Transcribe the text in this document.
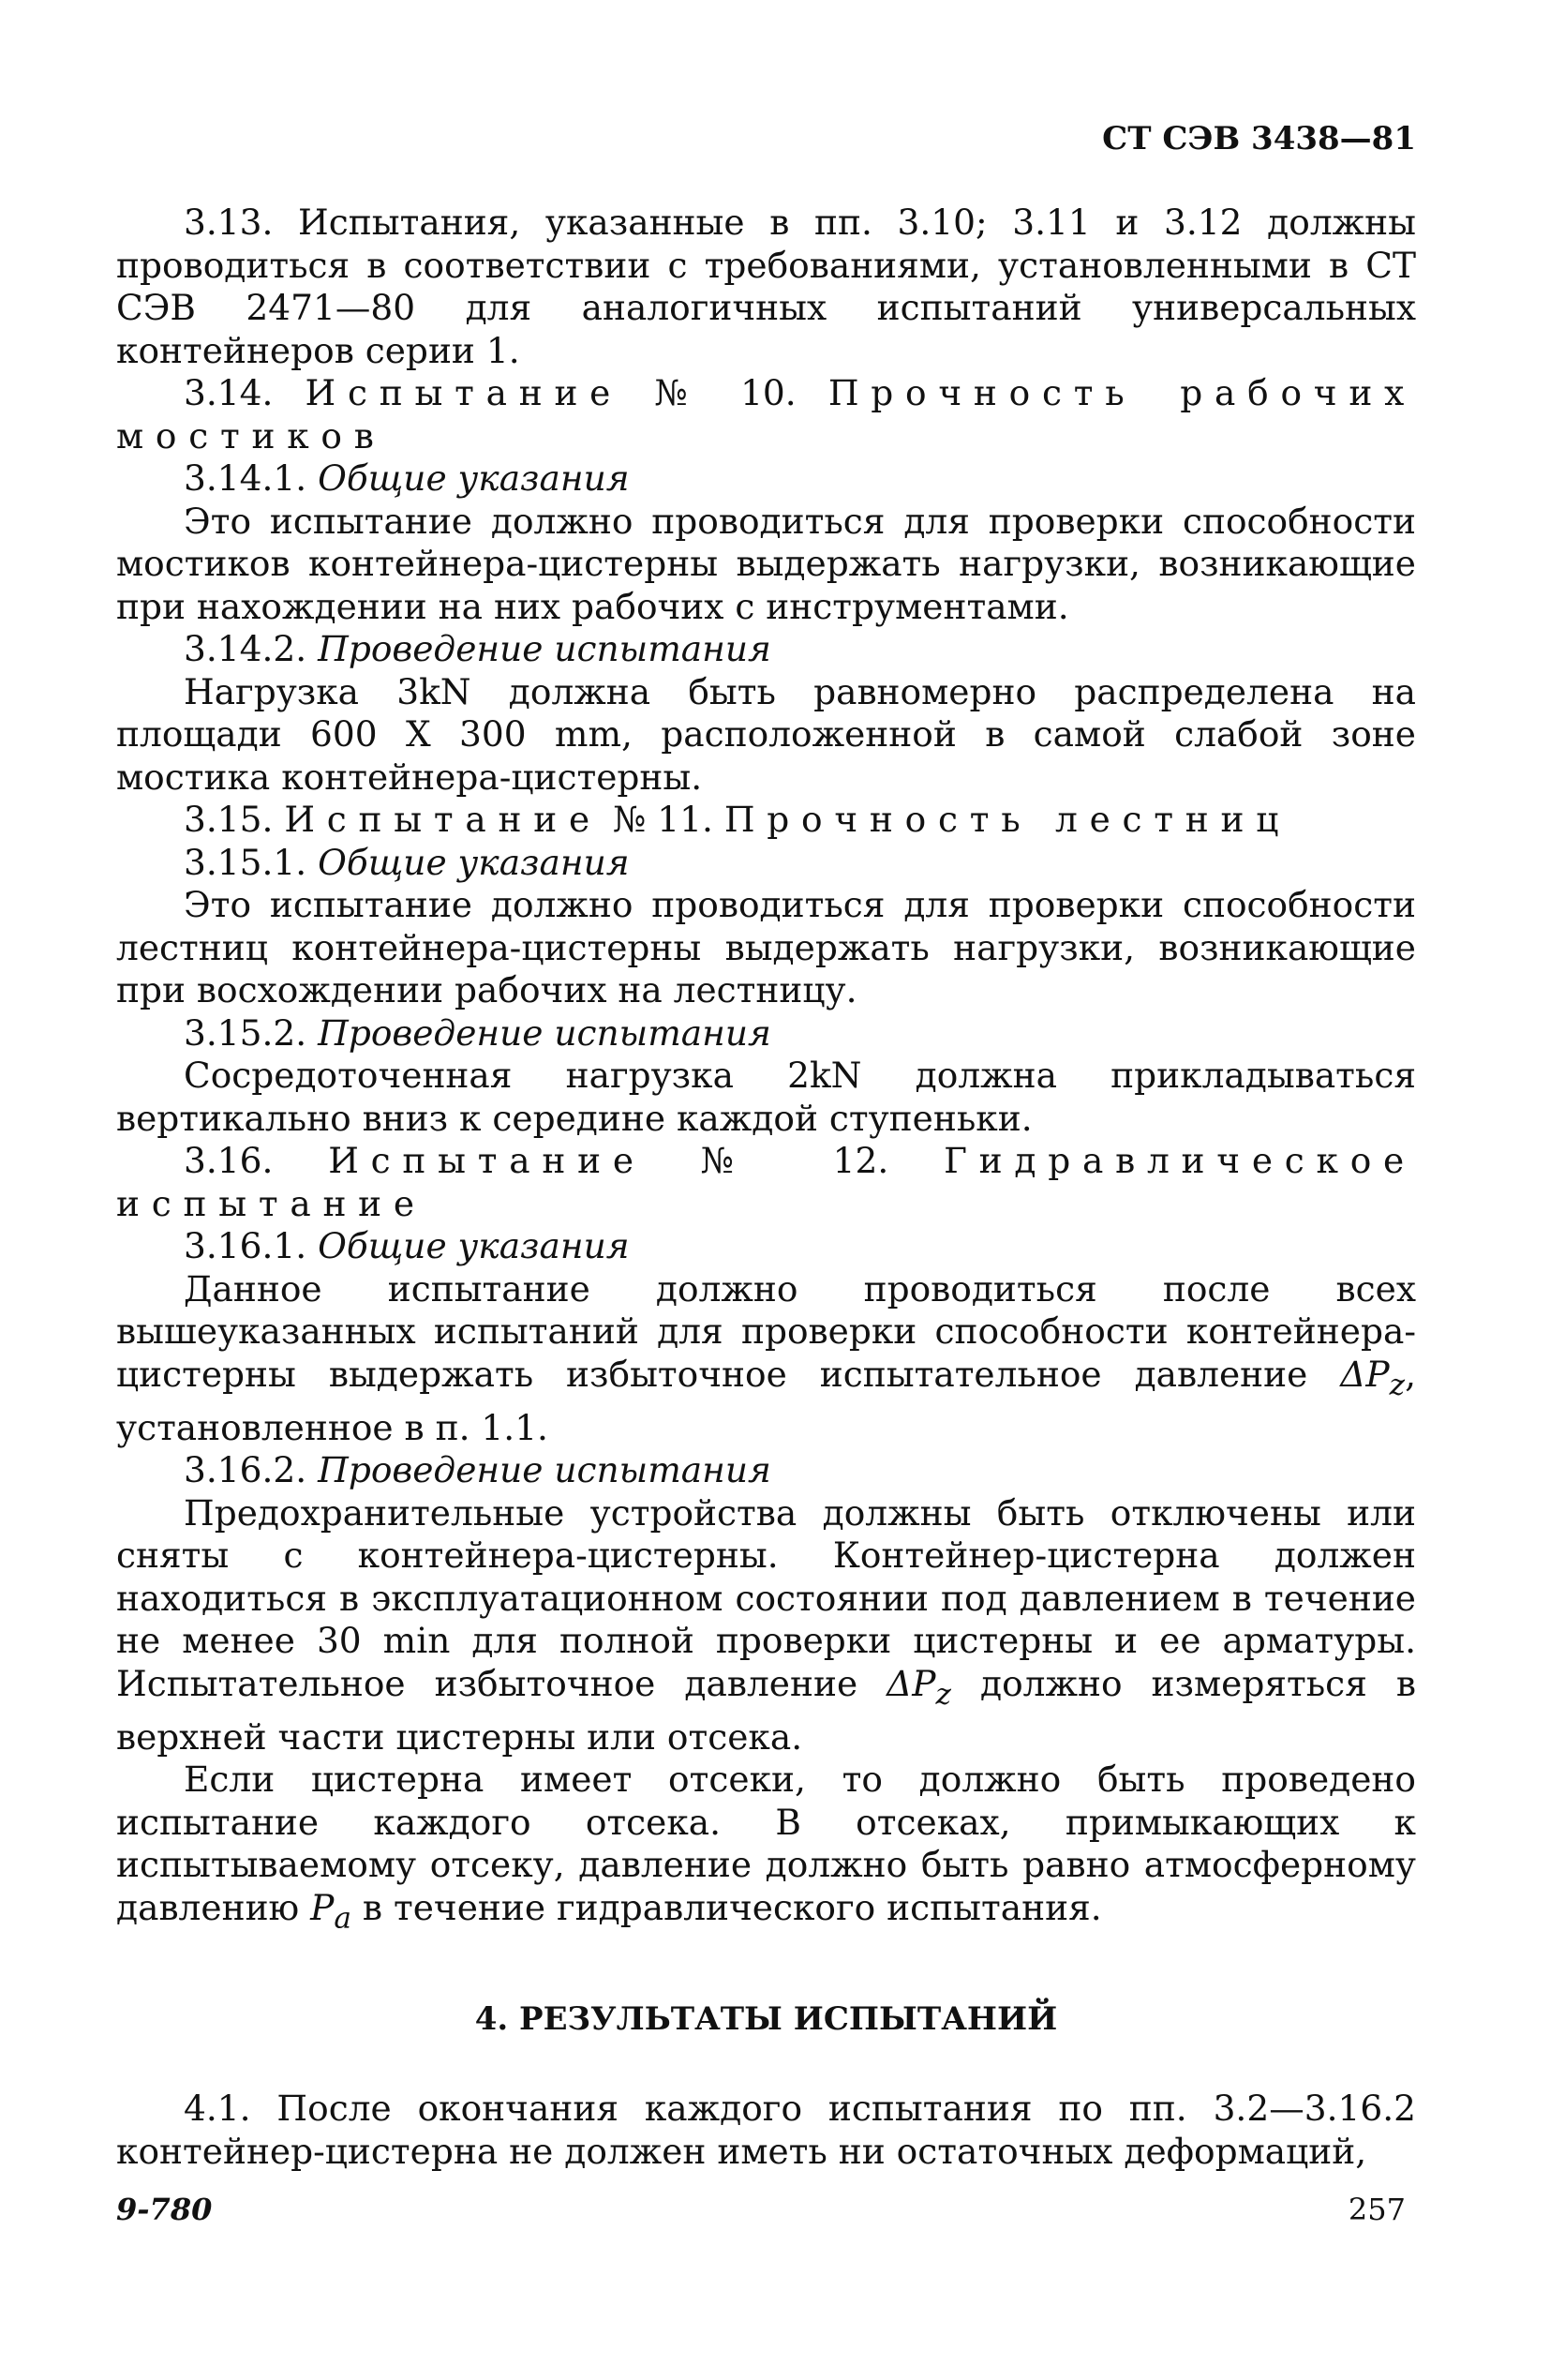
СТ СЭВ 3438—81

3.13. Испытания, указанные в пп. 3.10; 3.11 и 3.12 должны проводиться в соответствии с требованиями, установленными в СТ СЭВ 2471—80 для аналогичных испытаний универсальных контейнеров серии 1.

3.14. Испытание № 10. Прочность рабочих мостиков

3.14.1. Общие указания

Это испытание должно проводиться для проверки способности мостиков контейнера-цистерны выдержать нагрузки, возникающие при нахождении на них рабочих с инструментами.

3.14.2. Проведение испытания

Нагрузка 3kN должна быть равномерно распределена на площади 600 X 300 mm, расположенной в самой слабой зоне мостика контейнера-цистерны.

3.15. Испытание № 11. Прочность лестниц

3.15.1. Общие указания

Это испытание должно проводиться для проверки способности лестниц контейнера-цистерны выдержать нагрузки, возникающие при восхождении рабочих на лестницу.

3.15.2. Проведение испытания

Сосредоточенная нагрузка 2kN должна прикладываться вертикально вниз к середине каждой ступеньки.

3.16. Испытание № 12. Гидравлическое испытание

3.16.1. Общие указания

Данное испытание должно проводиться после всех вышеуказанных испытаний для проверки способности контейнера-цистерны выдержать избыточное испытательное давление $\Delta P_z$, установленное в п. 1.1.

3.16.2. Проведение испытания

Предохранительные устройства должны быть отключены или сняты с контейнера-цистерны. Контейнер-цистерна должен находиться в эксплуатационном состоянии под давлением в течение не менее 30 min для полной проверки цистерны и ее арматуры. Испытательное избыточное давление $\Delta P_z$ должно измеряться в верхней части цистерны или отсека.

Если цистерна имеет отсеки, то должно быть проведено испытание каждого отсека. В отсеках, примыкающих к испытываемому отсеку, давление должно быть равно атмосферному давлению $P_a$ в течение гидравлического испытания.

4. РЕЗУЛЬТАТЫ ИСПЫТАНИЙ

4.1. После окончания каждого испытания по пп. 3.2—3.16.2 контейнер-цистерна не должен иметь ни остаточных деформаций,

9-780	257
